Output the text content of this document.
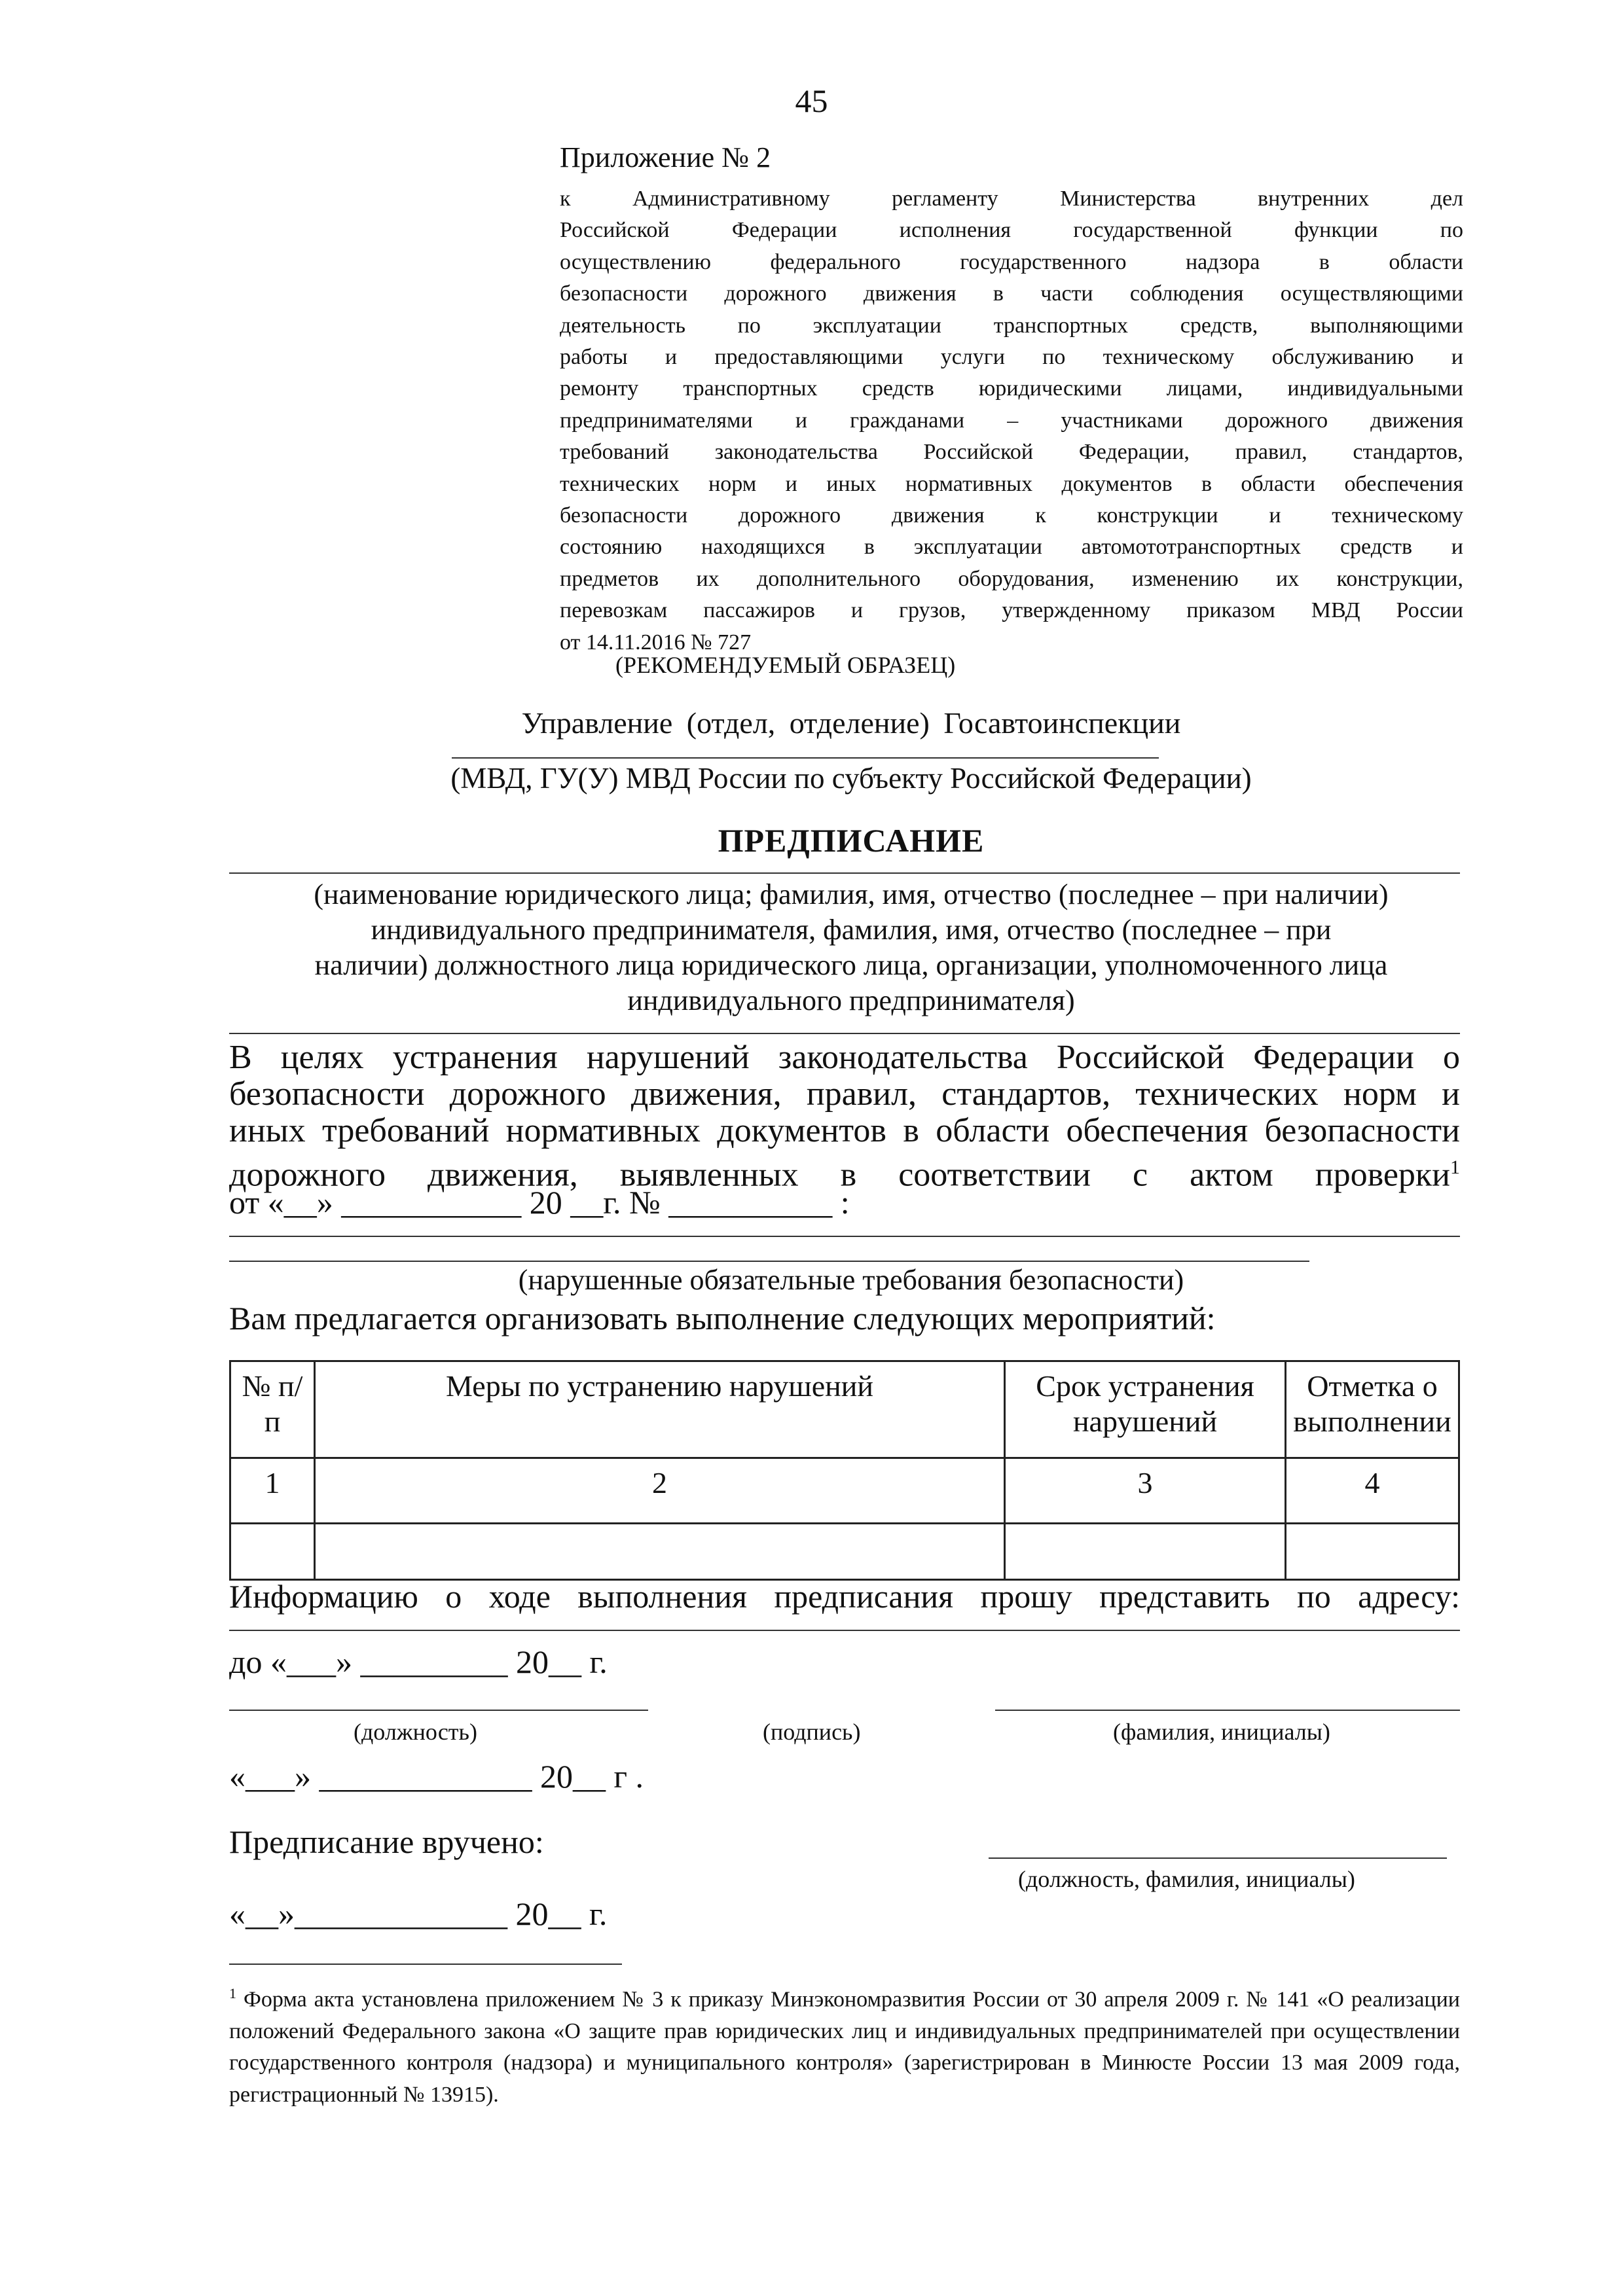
45
Приложение № 2
к Административному регламенту Министерства внутренних дел
Российской Федерации исполнения государственной функции по
осуществлению федерального государственного надзора в области
безопасности дорожного движения в части соблюдения осуществляющими
деятельность по эксплуатации транспортных средств, выполняющими
работы и предоставляющими услуги по техническому обслуживанию и
ремонту транспортных средств юридическими лицами, индивидуальными
предпринимателями и гражданами – участниками дорожного движения
требований законодательства Российской Федерации, правил, стандартов,
технических норм и иных нормативных документов в области обеспечения
безопасности дорожного движения к конструкции и техническому
состоянию находящихся в эксплуатации автомототранспортных средств и
предметов их дополнительного оборудования, изменению их конструкции,
перевозкам пассажиров и грузов, утвержденному приказом МВД России
от 14.11.2016 № 727
(РЕКОМЕНДУЕМЫЙ ОБРАЗЕЦ)
Управление (отдел, отделение) Госавтоинспекции
(МВД, ГУ(У) МВД России по субъекту Российской Федерации)
ПРЕДПИСАНИЕ
(наименование юридического лица; фамилия, имя, отчество (последнее – при наличии)
индивидуального предпринимателя, фамилия, имя, отчество (последнее – при
наличии) должностного лица юридического лица, организации, уполномоченного лица
индивидуального предпринимателя)
В целях устранения нарушений законодательства Российской Федерации о
безопасности дорожного движения, правил, стандартов, технических норм и
иных требований нормативных документов в области обеспечения безопасности
дорожного движения, выявленных в соответствии с актом проверки$^1$
от «__» ___________ 20 __г. № __________ :
(нарушенные обязательные требования безопасности)
Вам предлагается организовать выполнение следующих мероприятий:
№ п/п	Меры по устранению нарушений	Срок устранения нарушений	Отметка о выполнении
1	2	3	4

Информацию о ходе выполнения предписания прошу представить по адресу:
до «___» _________ 20__ г.
(должность)	(подпись)	(фамилия, инициалы)
«___» _____________ 20__ г .
Предписание вручено:
(должность, фамилия, инициалы)
«__»_____________ 20__ г.
$^1$ Форма акта установлена приложением № 3 к приказу Минэкономразвития России от 30 апреля 2009 г. № 141 «О реализации положений Федерального закона «О защите прав юридических лиц и индивидуальных предпринимателей при осуществлении государственного контроля (надзора) и муниципального контроля» (зарегистрирован в Минюсте России 13 мая 2009 года, регистрационный № 13915).
